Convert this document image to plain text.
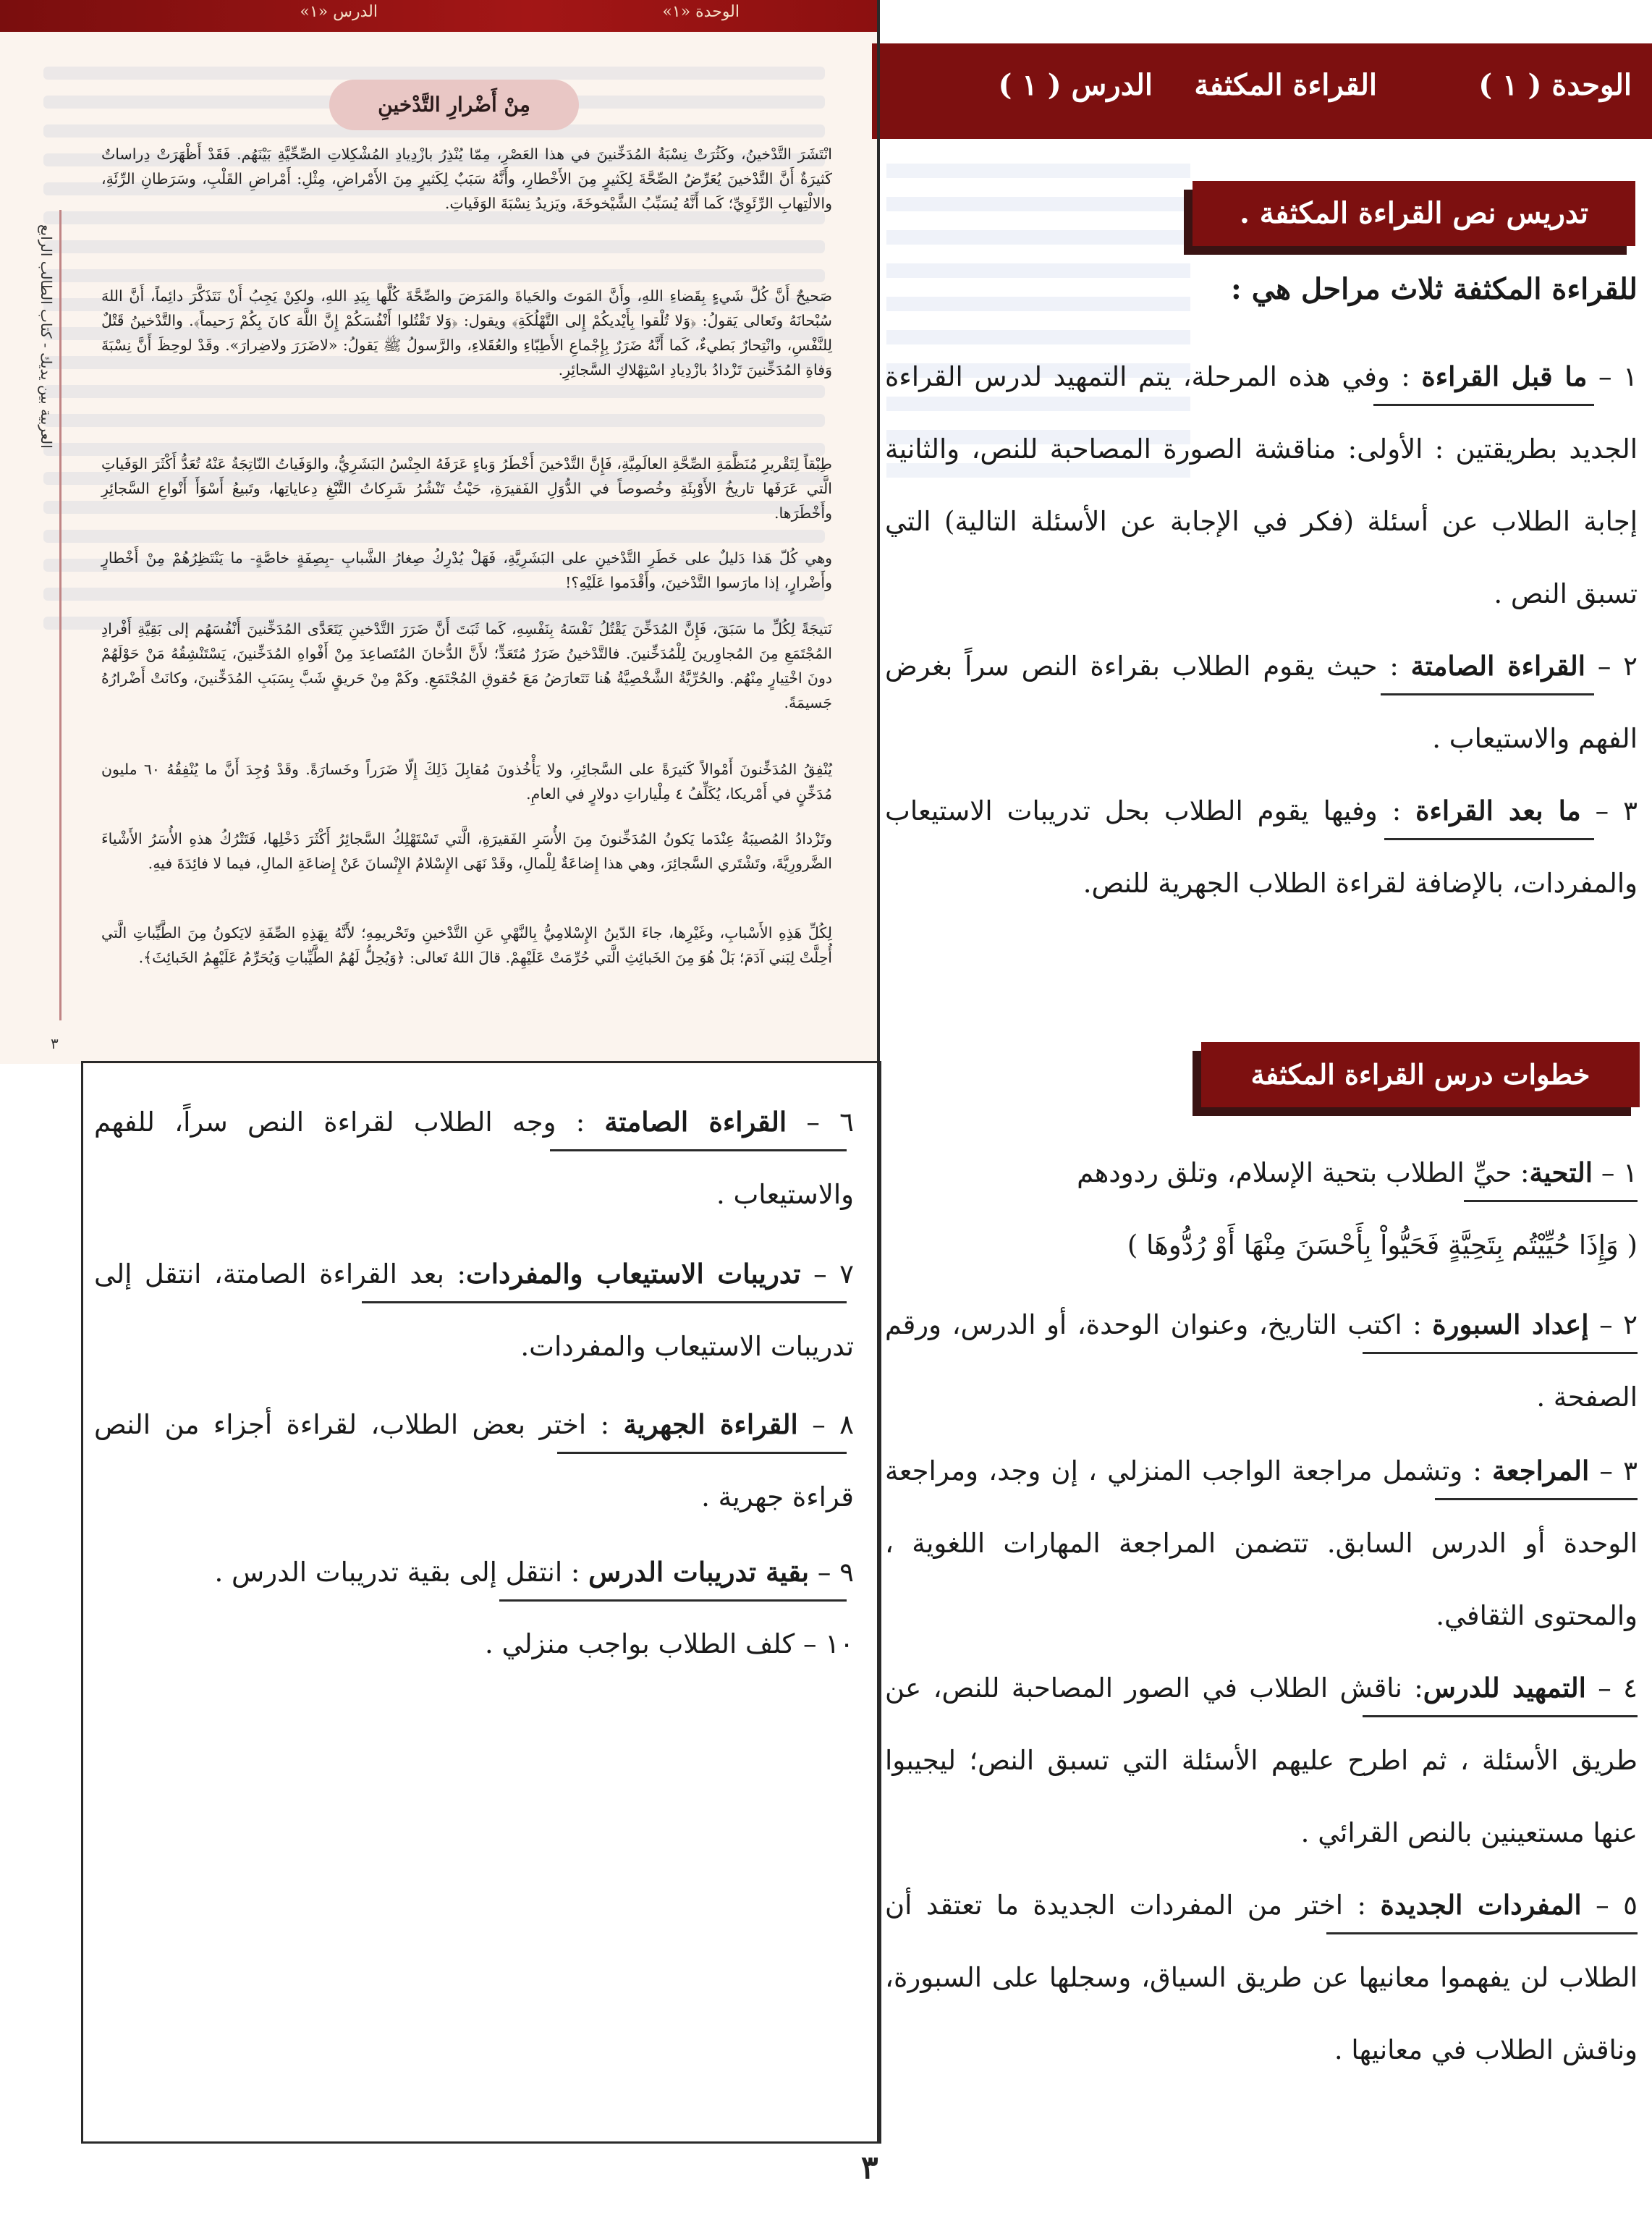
الوحدة «١»
الدرس «١»
مِنْ أَضْرارِ التَّدْخينِ
انْتَشَرَ التَّدْخينُ، وكَثُرَتْ نِسْبَةُ المُدَخِّنينَ في هذا العَصْرِ، مِمّا يُنْذِرُ بازْدِيادِ المُشْكِلاتِ الصِّحِّيَّةِ بَيْنَهُم. فَقَدْ أَظْهَرَتْ دِراساتٌ كَثيرَةٌ أَنَّ التَّدْخينَ يُعَرِّضُ الصِّحَّةَ لِكَثيرٍ مِنَ الأَخْطارِ، وأَنَّهُ سَبَبٌ لِكَثيرٍ مِنَ الأَمْراضِ، مِثْلِ: أَمْراضِ القَلْبِ، وسَرَطانِ الرِّئَةِ، والالْتِهابِ الرِّئَوِيِّ؛ كَما أَنَّهُ يُسَبِّبُ الشَّيْخوخَةَ، ويَزيدُ نِسْبَةَ الوَفَياتِ.
صَحيحٌ أَنَّ كُلَّ شَيءٍ بِقَضاءِ اللهِ، وأَنَّ المَوتَ والحَياةَ والمَرَضَ والصِّحَّةَ كُلَّها بِيَدِ اللهِ، ولكِنْ يَجِبُ أَنْ نَتَذَكَّرَ دائِماً، أَنَّ اللهَ سُبْحانَهُ وتَعالى يَقولُ: ﴿وَلا تُلْقوا بِأَيْديكُمْ إِلى التَّهْلُكَةِ﴾ ويقول: ﴿وَلا تَقْتُلوا أَنْفُسَكُمْ إِنَّ اللَّهَ كانَ بِكُمْ رَحيماً﴾. والتَّدْخينُ قَتْلٌ لِلنَّفْسِ، وانْتِحارٌ بَطيءٌ، كَما أَنَّهُ ضَرَرٌ بِإِجْماعِ الأَطِبّاءِ والعُقَلاءِ، والرَّسولُ ﷺ يَقولُ: «لاضَرَرَ ولاضِرارَ». وقَدْ لوحِظَ أَنَّ نِسْبَةَ وَفاةِ المُدَخِّنينَ تَزْدادُ بازْدِيادِ اسْتِهْلاكِ السَّجائِرِ.
طِبْقاً لِتَقْريرِ مُنَظَّمَةِ الصِّحَّةِ العالَمِيَّةِ، فَإِنَّ التَّدْخينَ أَخْطَرُ وَباءٍ عَرَفَهُ الجِنْسُ البَشَرِيُّ، والوَفَياتُ النّاتِجَةُ عَنْهُ تُعَدُّ أَكْثَرَ الوَفَياتِ الَّتي عَرَفَها تاريخُ الأَوْبِئَةِ وخُصوصاً في الدُّوَلِ الفَقيرَةِ، حَيْثُ تَنْشُرُ شَرِكاتُ التَّبْغِ دِعاياتِها، وتَبيعُ أَسْوَأَ أَنْواعِ السَّجائِرِ وأَخْطَرَها.
وهي كُلّ هَذا دَليلٌ على خَطَرِ التَّدْخينِ على البَشَرِيَّةِ، فَهَلْ يُدْرِكُ صِغارُ الشَّبابِ -بِصِفَةٍ خاصَّةٍ- ما يَنْتَظِرُهُمْ مِنْ أَخْطارٍ وأَضْرارٍ، إذا مارَسوا التَّدْخينَ، وأَقْدَموا عَلَيْهِ؟!
نَتيجَةً لِكُلِّ ما سَبَقَ، فَإِنَّ المُدَخِّنَ يَقْتُلُ نَفْسَهُ بِنَفْسِهِ، كَما ثَبَتَ أَنَّ ضَرَرَ التَّدْخينِ يَتَعَدَّى المُدَخِّنينَ أَنْفُسَهُم إلى بَقِيَّةِ أَفْرادِ المُجْتَمَعِ مِنَ المُجاوِرينَ لِلْمُدَخِّنينَ. فالتَّدْخينُ ضَرَرٌ مُتَعَدٍّ؛ لأَنَّ الدُّخانَ المُتَصاعِدَ مِنْ أَفْواهِ المُدَخِّنينَ، يَسْتَنْشِقُهُ مَنْ حَوْلَهُمْ دونَ اخْتِيارٍ مِنْهُم. والحُرِّيَّةُ الشَّخْصِيَّةُ هُنا تَتَعارَضُ مَعَ حُقوقِ المُجْتَمَعِ. وكَمْ مِنْ حَريقٍ شَبَّ بِسَبَبِ المُدَخِّنينَ، وكانَتْ أَضْرارُهُ جَسيمَةً.
يُنْفِقُ المُدَخِّنونَ أَمْوالاً كَثيرَةً على السَّجائِرِ، ولا يَأْخُذونَ مُقابِلَ ذَلِكَ إِلّا ضَرَراً وخَسارَةً. وقَدْ وُجِدَ أَنَّ ما يُنْفِقُهُ ٦٠ مليون مُدَخِّنٍ في أَمْريكا، يُكَلِّفُ ٤ مِلْياراتِ دولارٍ في العامِ.
وتَزْدادُ المُصيبَةُ عِنْدَما يَكونُ المُدَخِّنونَ مِنَ الأُسَرِ الفَقيرَةِ، الَّتي تَسْتَهْلِكُ السَّجائِرُ أَكْثَرَ دَخْلِها، فَتَتْرُكُ هذهِ الأُسَرُ الأَشْياءَ الضَّرورِيَّةَ، وتَشْتَري السَّجائِرَ، وهي هذا إِضاعَةٌ لِلْمالِ، وقَدْ نَهَى الإِسْلامُ الإِنْسانَ عَنْ إِضاعَةِ المالِ، فيما لا فائِدَةَ فيهِ.
لِكُلِّ هَذِهِ الأَسْبابِ، وغَيْرِها، جاءَ الدّينُ الإِسْلامِيُّ بِالنَّهْيِ عَنِ التَّدْخينِ وتَحْريمِهِ؛ لأَنَّهُ بِهَذِهِ الصِّفَةِ لايَكونُ مِنَ الطَّيِّباتِ الَّتي أُحِلَّتْ لِبَني آدَمَ؛ بَلْ هُوَ مِنَ الخَبائِثِ الَّتي حُرِّمَتْ عَلَيْهِمْ. قالَ اللهُ تَعالى: ﴿وَيُحِلُّ لَهُمُ الطَّيِّباتِ وَيُحَرِّمُ عَلَيْهِمُ الخَبائِثَ﴾.
العربية بين يديك - كتاب الطالب الرابع
٣
الوحدة ( ١ )
القراءة المكثفة
الدرس ( ١ )
تدريس نص القراءة المكثفة .
للقراءة المكثفة ثلاث مراحل هي :
١ – ما قبل القراءة : وفي هذه المرحلة، يتم التمهيد لدرس القراءة الجديد بطريقتين : الأولى: مناقشة الصورة المصاحبة للنص، والثانية إجابة الطلاب عن أسئلة (فكر في الإجابة عن الأسئلة التالية) التي تسبق النص .
٢ – القراءة الصامتة : حيث يقوم الطلاب بقراءة النص سراً بغرض الفهم والاستيعاب .
٣ – ما بعد القراءة : وفيها يقوم الطلاب بحل تدريبات الاستيعاب والمفردات، بالإضافة لقراءة الطلاب الجهرية للنص.
خطوات درس القراءة المكثفة
١ – التحية: حيِّ الطلاب بتحية الإسلام، وتلق ردودهم
( وَإِذَا حُيِّيْتُم بِتَحِيَّةٍ فَحَيُّواْ بِأَحْسَنَ مِنْهَا أَوْ رُدُّوهَا )
٢ – إعداد السبورة : اكتب التاريخ، وعنوان الوحدة، أو الدرس، ورقم الصفحة .
٣ – المراجعة : وتشمل مراجعة الواجب المنزلي ، إن وجد، ومراجعة الوحدة أو الدرس السابق. تتضمن المراجعة المهارات اللغوية ، والمحتوى الثقافي.
٤ – التمهيد للدرس: ناقش الطلاب في الصور المصاحبة للنص، عن طريق الأسئلة ، ثم اطرح عليهم الأسئلة التي تسبق النص؛ ليجيبوا عنها مستعينين بالنص القرائي .
٥ – المفردات الجديدة : اختر من المفردات الجديدة ما تعتقد أن الطلاب لن يفهموا معانيها عن طريق السياق، وسجلها على السبورة، وناقش الطلاب في معانيها .
٦ – القراءة الصامتة : وجه الطلاب لقراءة النص سراً، للفهم والاستيعاب .
٧ – تدريبات الاستيعاب والمفردات: بعد القراءة الصامتة، انتقل إلى تدريبات الاستيعاب والمفردات.
٨ – القراءة الجهرية : اختر بعض الطلاب، لقراءة أجزاء من النص قراءة جهرية .
٩ – بقية تدريبات الدرس : انتقل إلى بقية تدريبات الدرس .
١٠ – كلف الطلاب بواجب منزلي .
٣
